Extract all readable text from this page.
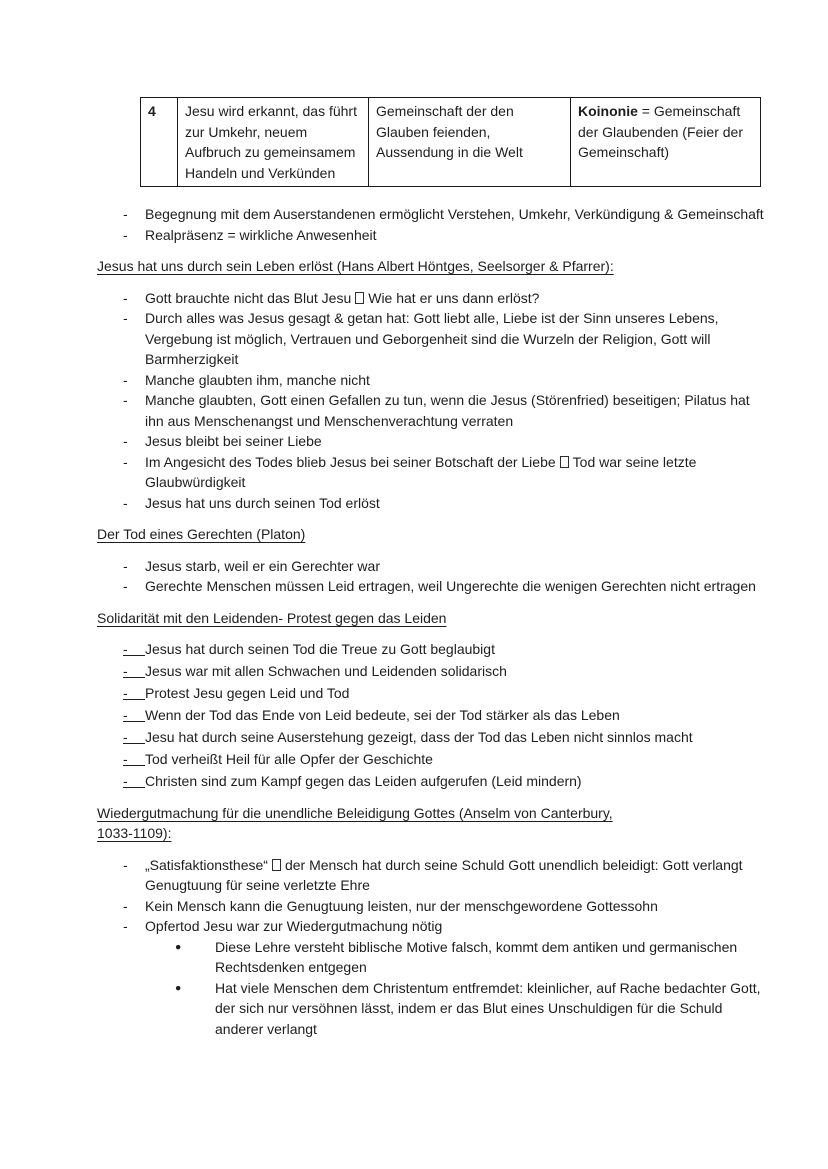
4	Jesu wird erkannt, das führt zur Umkehr, neuem Aufbruch zu gemeinsamem Handeln und Verkünden	Gemeinschaft der den Glauben feienden, Aussendung in die Welt	Koinonie = Gemeinschaft der Glaubenden (Feier der Gemeinschaft)
-	Begegnung mit dem Auserstandenen ermöglicht Verstehen, Umkehr, Verkündigung & Gemeinschaft
-	Realpräsenz = wirkliche Anwesenheit
Jesus hat uns durch sein Leben erlöst (Hans Albert Höntges, Seelsorger & Pfarrer):
-	Gott brauchte nicht das Blut Jesu Wie hat er uns dann erlöst?
-	Durch alles was Jesus gesagt & getan hat: Gott liebt alle, Liebe ist der Sinn unseres Lebens, Vergebung ist möglich, Vertrauen und Geborgenheit sind die Wurzeln der Religion, Gott will Barmherzigkeit
-	Manche glaubten ihm, manche nicht
-	Manche glaubten, Gott einen Gefallen zu tun, wenn die Jesus (Störenfried) beseitigen; Pilatus hat ihn aus Menschenangst und Menschenverachtung verraten
-	Jesus bleibt bei seiner Liebe
-	Im Angesicht des Todes blieb Jesus bei seiner Botschaft der Liebe Tod war seine letzte Glaubwürdigkeit
-	Jesus hat uns durch seinen Tod erlöst
Der Tod eines Gerechten (Platon)
-	Jesus starb, weil er ein Gerechter war
-	Gerechte Menschen müssen Leid ertragen, weil Ungerechte die wenigen Gerechten nicht ertragen
Solidarität mit den Leidenden- Protest gegen das Leiden
-	Jesus hat durch seinen Tod die Treue zu Gott beglaubigt
-	Jesus war mit allen Schwachen und Leidenden solidarisch
-	Protest Jesu gegen Leid und Tod
-	Wenn der Tod das Ende von Leid bedeute, sei der Tod stärker als das Leben
-	Jesu hat durch seine Auserstehung gezeigt, dass der Tod das Leben nicht sinnlos macht
-	Tod verheißt Heil für alle Opfer der Geschichte
-	Christen sind zum Kampf gegen das Leiden aufgerufen (Leid mindern)
Wiedergutmachung für die unendliche Beleidigung Gottes (Anselm von Canterbury,
1033-1109):
-	„Satisfaktionsthese“ der Mensch hat durch seine Schuld Gott unendlich beleidigt: Gott verlangt Genugtuung für seine verletzte Ehre
-	Kein Mensch kann die Genugtuung leisten, nur der menschgewordene Gottessohn
-	Opfertod Jesu war zur Wiedergutmachung nötig
●	Diese Lehre versteht biblische Motive falsch, kommt dem antiken und germanischen Rechtsdenken entgegen
●	Hat viele Menschen dem Christentum entfremdet: kleinlicher, auf Rache bedachter Gott, der sich nur versöhnen lässt, indem er das Blut eines Unschuldigen für die Schuld anderer verlangt
